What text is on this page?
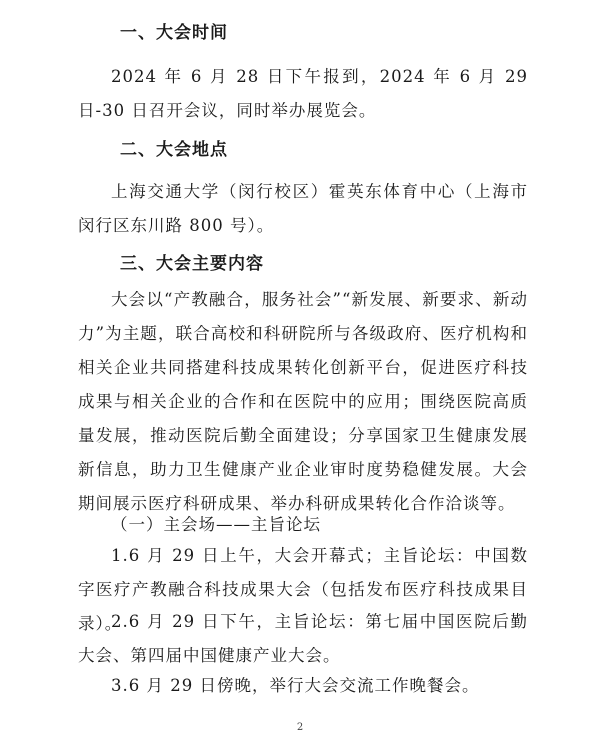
一、大会时间
2024 年 6 月 28 日下午报到，2024 年 6 月 29 日-30 日召开会议，同时举办展览会。
二、大会地点
上海交通大学（闵行校区）霍英东体育中心（上海市闵行区东川路 800 号）。
三、大会主要内容
大会以“产教融合，服务社会”“新发展、新要求、新动力”为主题，联合高校和科研院所与各级政府、医疗机构和相关企业共同搭建科技成果转化创新平台，促进医疗科技成果与相关企业的合作和在医院中的应用；围绕医院高质量发展，推动医院后勤全面建设；分享国家卫生健康发展新信息，助力卫生健康产业企业审时度势稳健发展。大会期间展示医疗科研成果、举办科研成果转化合作洽谈等。
（一）主会场——主旨论坛
1.6 月 29 日上午，大会开幕式；主旨论坛：中国数字医疗产教融合科技成果大会（包括发布医疗科技成果目录）。
2.6 月 29 日下午，主旨论坛：第七届中国医院后勤大会、第四届中国健康产业大会。
3.6 月 29 日傍晚，举行大会交流工作晚餐会。
2
